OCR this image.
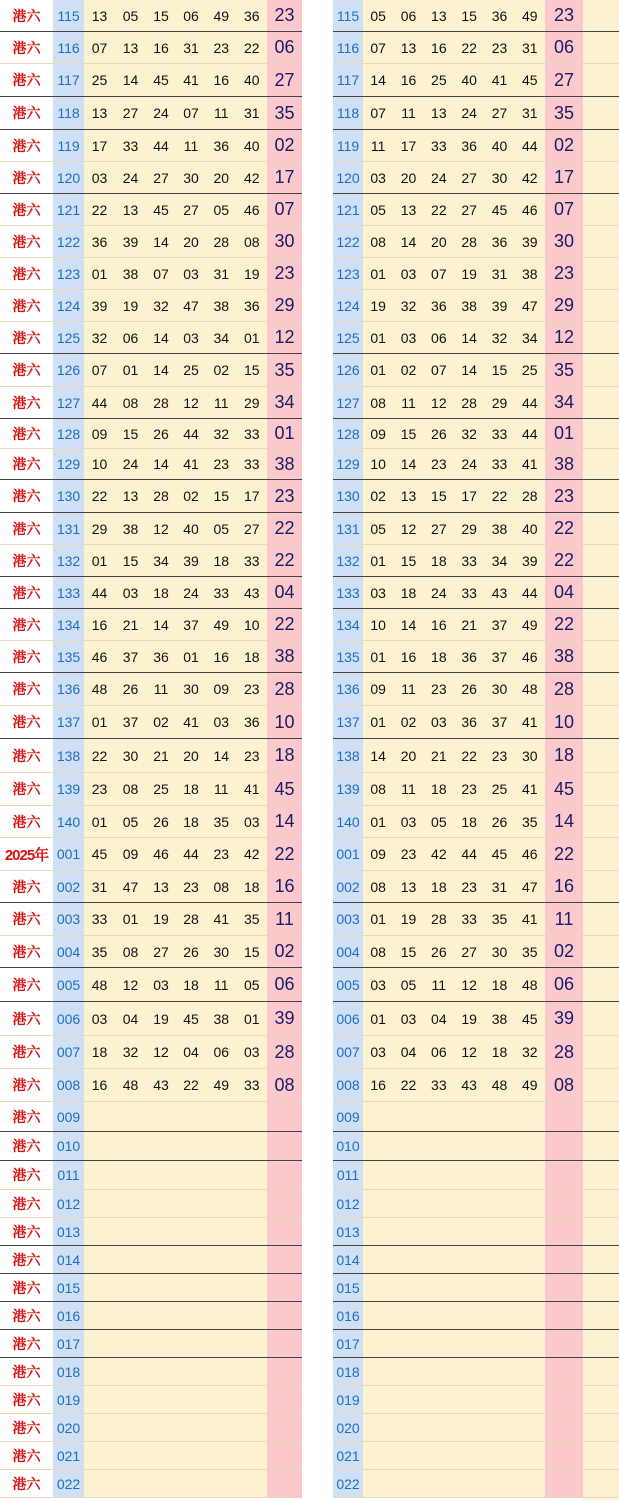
港六	115 13	05	15	06	49	36 23
港六	116 07	13	16	31	23	22 06
港六	117 25	14	45	41	16	40 27
港六	118 13	27	24	07	11	31 35
港六	119 17	33	44	11	36	40 02
港六	120 03	24	27	30	20	42 17
港六	121 22	13	45	27	05	46 07
港六	122 36	39	14	20	28	08 30
港六	123 01	38	07	03	31	19 23
港六	124 39	19	32	47	38	36 29
港六	125 32	06	14	03	34	01 12
港六	126 07	01	14	25	02	15 35
港六	127 44	08	28	12	11	29 34
港六	128 09	15	26	44	32	33 01
港六	129 10	24	14	41	23	33 38
港六	130 22	13	28	02	15	17 23
港六	131 29	38	12	40	05	27 22
港六	132 01	15	34	39	18	33 22
港六	133 44	03	18	24	33	43 04
港六	134 16	21	14	37	49	10 22
港六	135 46	37	36	01	16	18 38
港六	136 48	26	11	30	09	23 28
港六	137 01	37	02	41	03	36 10
港六	138 22	30	21	20	14	23 18
港六	139 23	08	25	18	11	41 45
港六	140 01	05	26	18	35	03 14
2025年 001 45	09	46	44	23	42 22
港六	002 31	47	13	23	08	18 16
港六	003 33	01	19	28	41	35 11
港六	004 35	08	27	26	30	15 02
港六	005 48	12	03	18	11	05 06
港六	006 03	04	19	45	38	01 39
港六	007 18	32	12	04	06	03 28
港六	008 16	48	43	22	49	33 08
港六	009
港六	010
港六	011
港六	012
港六	013
港六	014
港六	015
港六	016
港六	017
港六	018
港六	019
港六	020
港六	021
港六	022
115 05	06	13	15	36	49 23
116 07	13	16	22	23	31 06
117 14	16	25	40	41	45 27
118 07	11	13	24	27	31 35
119 11	17	33	36	40	44 02
120 03	20	24	27	30	42 17
121 05	13	22	27	45	46 07
122 08	14	20	28	36	39 30
123 01	03	07	19	31	38 23
124 19	32	36	38	39	47 29
125 01	03	06	14	32	34 12
126 01	02	07	14	15	25 35
127 08	11	12	28	29	44 34
128 09	15	26	32	33	44 01
129 10	14	23	24	33	41 38
130 02	13	15	17	22	28 23
131 05	12	27	29	38	40 22
132 01	15	18	33	34	39 22
133 03	18	24	33	43	44 04
134 10	14	16	21	37	49 22
135 01	16	18	36	37	46 38
136 09	11	23	26	30	48 28
137 01	02	03	36	37	41 10
138 14	20	21	22	23	30 18
139 08	11	18	23	25	41 45
140 01	03	05	18	26	35 14
001 09	23	42	44	45	46 22
002 08	13	18	23	31	47 16
003 01	19	28	33	35	41 11
004 08	15	26	27	30	35 02
005 03	05	11	12	18	48 06
006 01	03	04	19	38	45 39
007 03	04	06	12	18	32 28
008 16	22	33	43	48	49 08
009
010
011
012
013
014
015
016
017
018
019
020
021
022
